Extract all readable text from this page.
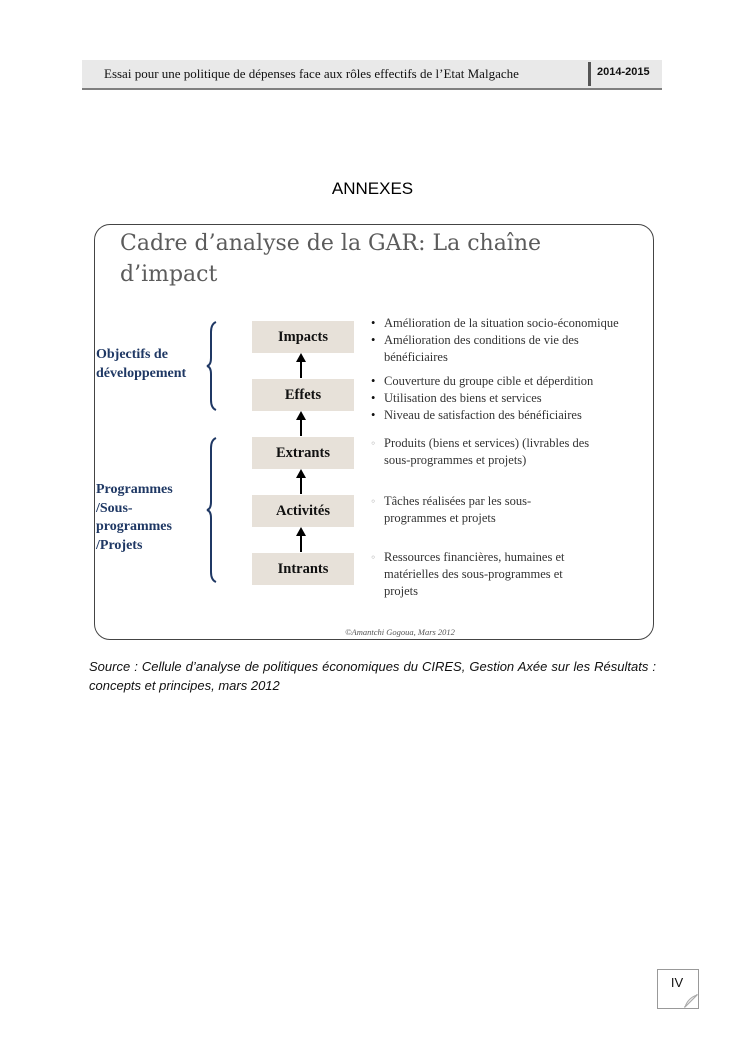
Essai pour une politique de dépenses face aux rôles effectifs de l’Etat Malgache	2014-2015
ANNEXES
Cadre d’analyse de la GAR: La chaîne
d’impact
Objectifs de
développement
Programmes
/Sous-
programmes
/Projets
Impacts
Effets
Extrants
Activités
Intrants
• Amélioration de la situation socio-économique
• Amélioration des conditions de vie des
bénéficiaires
• Couverture du groupe cible et déperdition
• Utilisation des biens et services
• Niveau de satisfaction des bénéficiaires
◦ Produits (biens et services) (livrables des
sous-programmes et projets)
◦ Tâches réalisées par les sous-
programmes et projets
◦ Ressources financières, humaines et
matérielles des sous-programmes et
projets
©Amantchi Gogoua, Mars 2012
Source : Cellule d’analyse de politiques économiques du CIRES, Gestion Axée sur les Résultats : concepts et principes, mars 2012
IV
